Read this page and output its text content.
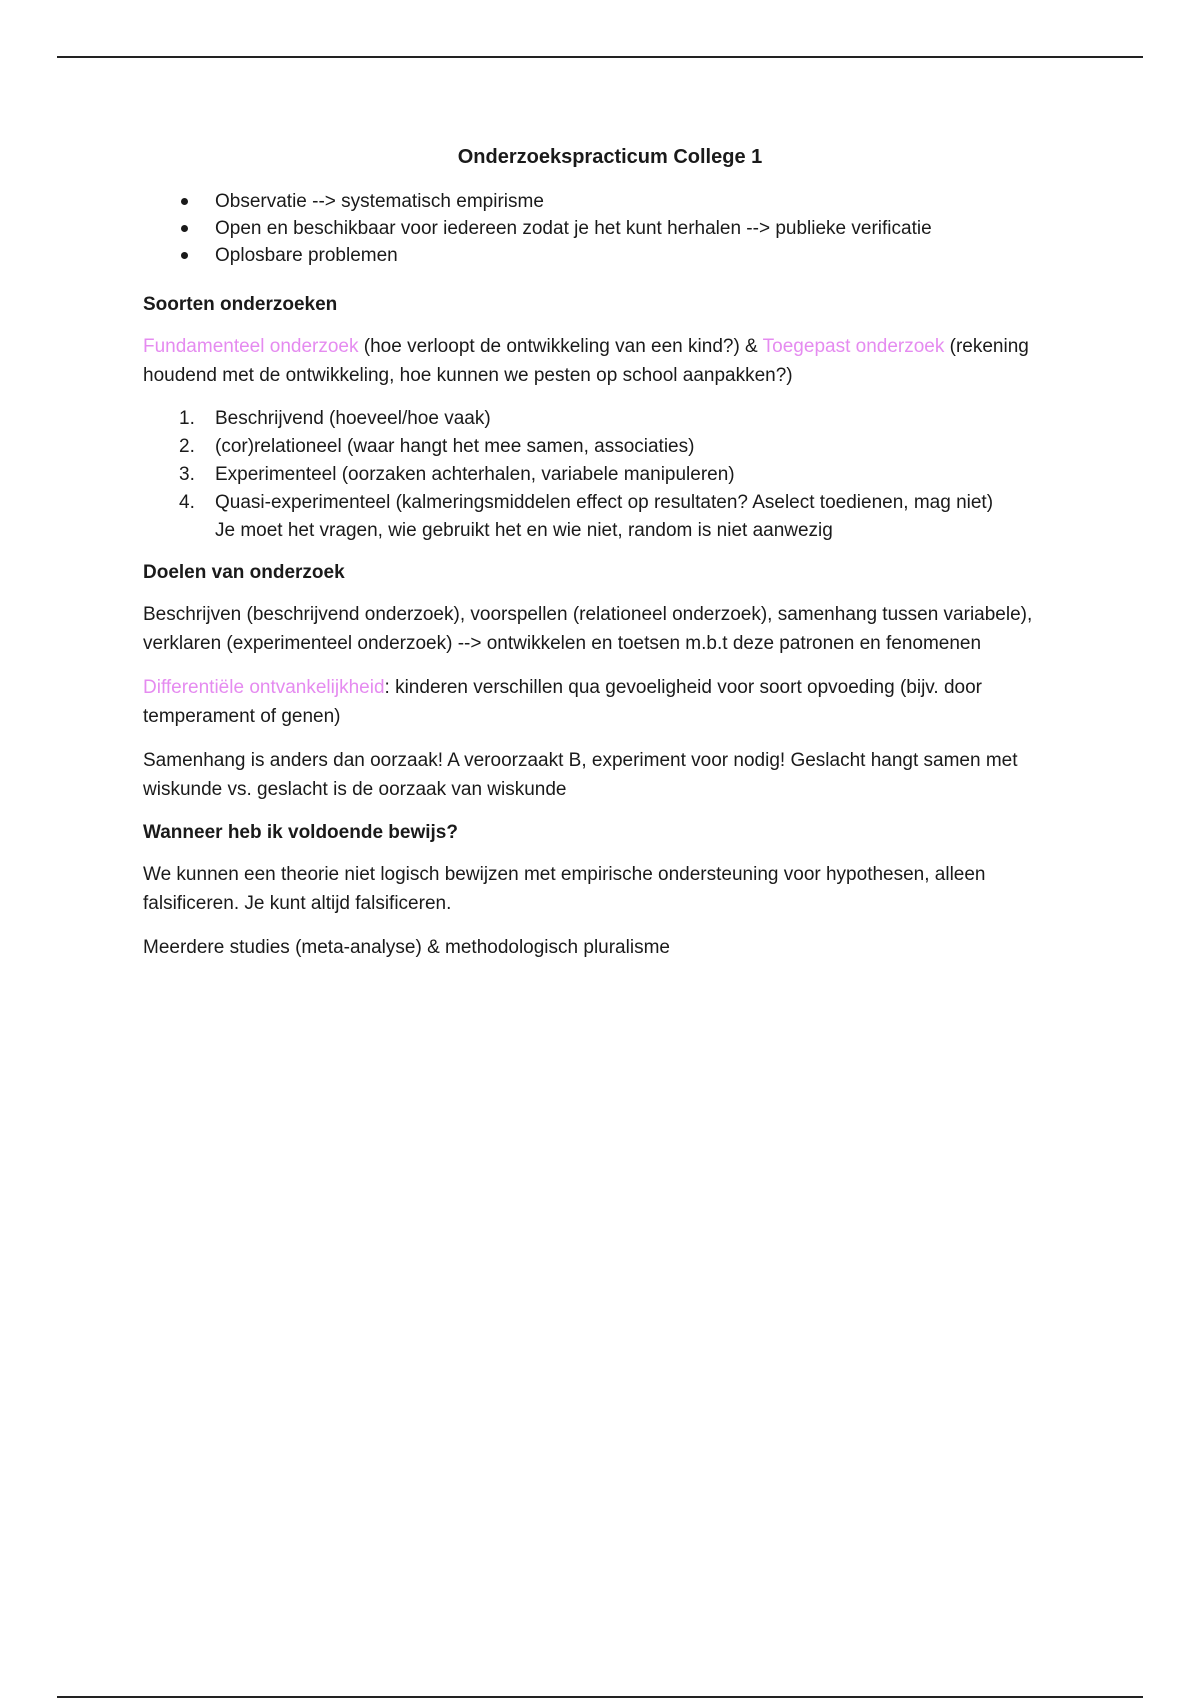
Onderzoekspracticum College 1
Observatie --> systematisch empirisme
Open en beschikbaar voor iedereen zodat je het kunt herhalen --> publieke verificatie
Oplosbare problemen
Soorten onderzoeken

Fundamenteel onderzoek (hoe verloopt de ontwikkeling van een kind?) & Toegepast onderzoek (rekening houdend met de ontwikkeling, hoe kunnen we pesten op school aanpakken?)

1. Beschrijvend (hoeveel/hoe vaak)
2. (cor)relationeel (waar hangt het mee samen, associaties)
3. Experimenteel (oorzaken achterhalen, variabele manipuleren)
4. Quasi-experimenteel (kalmeringsmiddelen effect op resultaten? Aselect toedienen, mag niet)
Je moet het vragen, wie gebruikt het en wie niet, random is niet aanwezig
Doelen van onderzoek

Beschrijven (beschrijvend onderzoek), voorspellen (relationeel onderzoek), samenhang tussen variabele), verklaren (experimenteel onderzoek) --> ontwikkelen en toetsen m.b.t deze patronen en fenomenen

Differentiële ontvankelijkheid: kinderen verschillen qua gevoeligheid voor soort opvoeding (bijv. door temperament of genen)

Samenhang is anders dan oorzaak! A veroorzaakt B, experiment voor nodig! Geslacht hangt samen met wiskunde vs. geslacht is de oorzaak van wiskunde

Wanneer heb ik voldoende bewijs?

We kunnen een theorie niet logisch bewijzen met empirische ondersteuning voor hypothesen, alleen falsificeren. Je kunt altijd falsificeren.

Meerdere studies (meta-analyse) & methodologisch pluralisme
